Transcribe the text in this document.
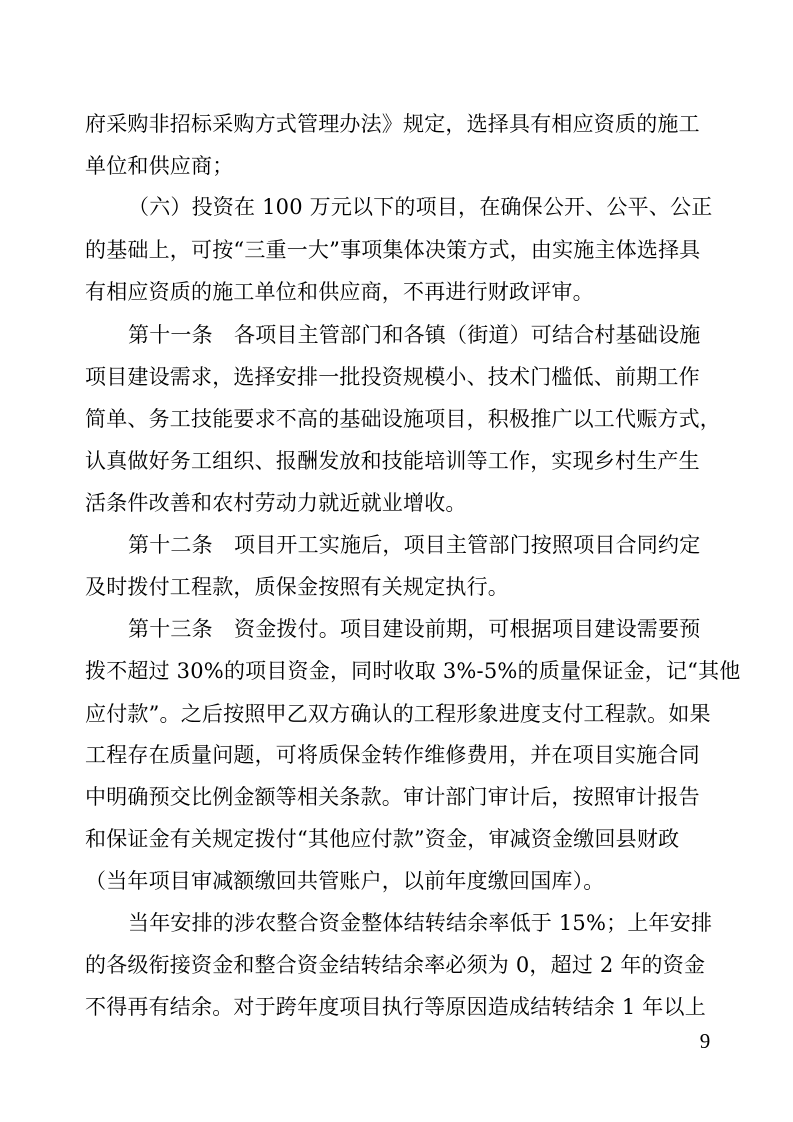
府采购非招标采购方式管理办法》规定，选择具有相应资质的施工
单位和供应商；
（六）投资在 100 万元以下的项目，在确保公开、公平、公正
的基础上，可按“三重一大”事项集体决策方式，由实施主体选择具
有相应资质的施工单位和供应商，不再进行财政评审。
第十一条　各项目主管部门和各镇（街道）可结合村基础设施
项目建设需求，选择安排一批投资规模小、技术门槛低、前期工作
简单、务工技能要求不高的基础设施项目，积极推广以工代赈方式，
认真做好务工组织、报酬发放和技能培训等工作，实现乡村生产生
活条件改善和农村劳动力就近就业增收。
第十二条　项目开工实施后，项目主管部门按照项目合同约定
及时拨付工程款，质保金按照有关规定执行。
第十三条　资金拨付。项目建设前期，可根据项目建设需要预
拨不超过 30%的项目资金，同时收取 3%-5%的质量保证金，记“其他
应付款”。之后按照甲乙双方确认的工程形象进度支付工程款。如果
工程存在质量问题，可将质保金转作维修费用，并在项目实施合同
中明确预交比例金额等相关条款。审计部门审计后，按照审计报告
和保证金有关规定拨付“其他应付款”资金，审减资金缴回县财政
（当年项目审减额缴回共管账户，以前年度缴回国库）。
当年安排的涉农整合资金整体结转结余率低于 15%；上年安排
的各级衔接资金和整合资金结转结余率必须为 0，超过 2 年的资金
不得再有结余。对于跨年度项目执行等原因造成结转结余 1 年以上
9
